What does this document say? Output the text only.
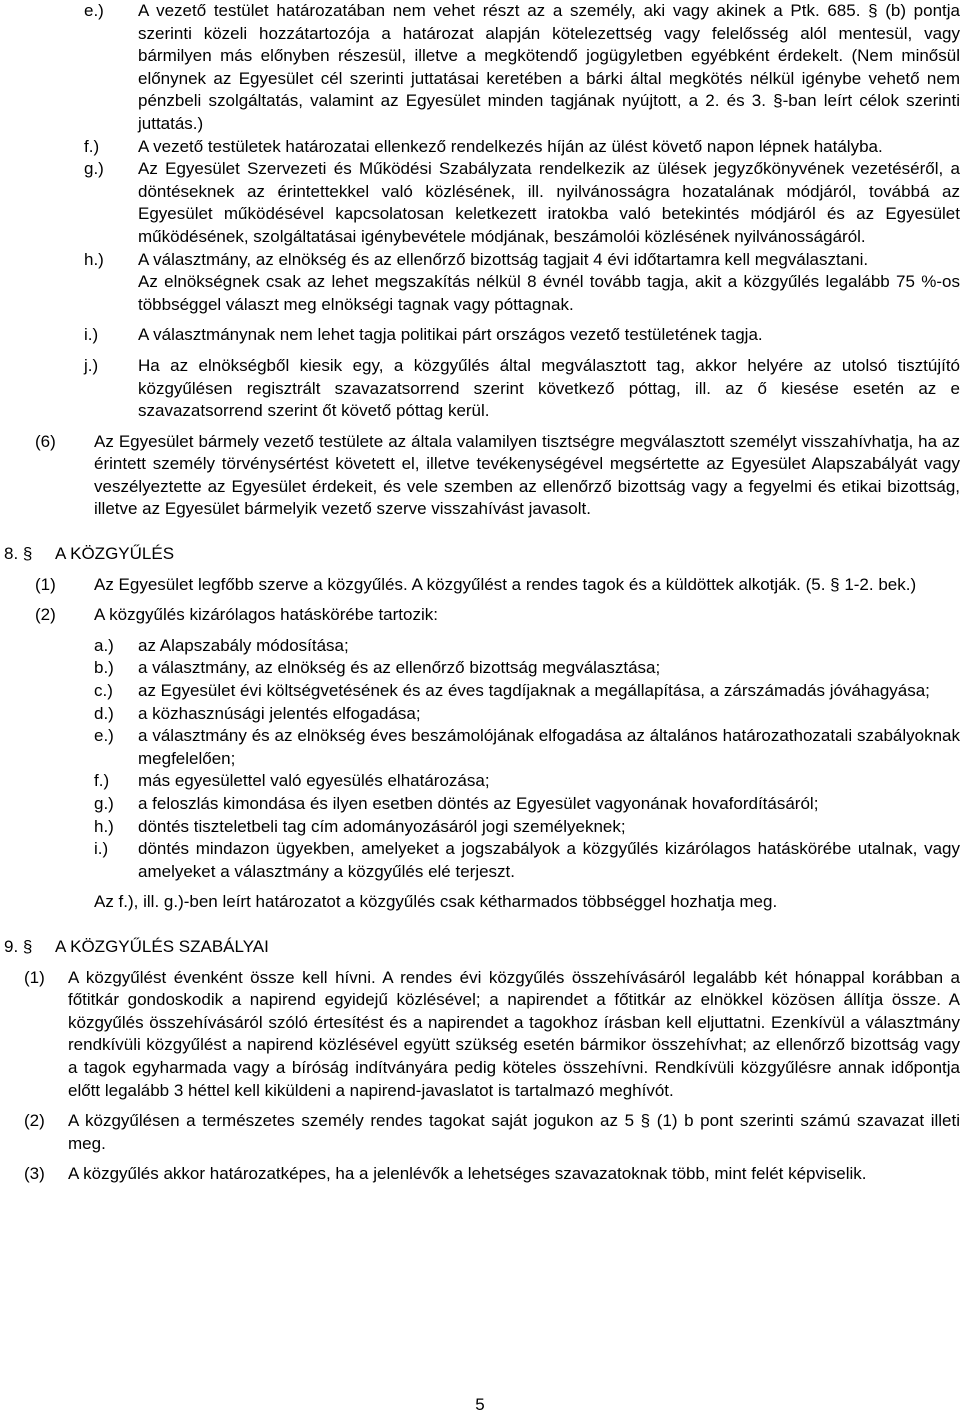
e.) A vezető testület határozatában nem vehet részt az a személy, aki vagy akinek a Ptk. 685. § (b) pontja szerinti közeli hozzátartozója a határozat alapján kötelezettség vagy felelősség alól mentesül, vagy bármilyen más előnyben részesül, illetve a megkötendő jogügyletben egyébként érdekelt. (Nem minősül előnynek az Egyesület cél szerinti juttatásai keretében a bárki által megkötés nélkül igénybe vehető nem pénzbeli szolgáltatás, valamint az Egyesület minden tagjának nyújtott, a 2. és 3. §-ban leírt célok szerinti juttatás.)
f.) A vezető testületek határozatai ellenkező rendelkezés híján az ülést követő napon lépnek hatályba.
g.) Az Egyesület Szervezeti és Működési Szabályzata rendelkezik az ülések jegyzőkönyvének vezetéséről, a döntéseknek az érintettekkel való közlésének, ill. nyilvánosságra hozatalának módjáról, továbbá az Egyesület működésével kapcsolatosan keletkezett iratokba való betekintés módjáról és az Egyesület működésének, szolgáltatásai igénybevétele módjának, beszámolói közlésének nyilvánosságáról.
h.) A választmány, az elnökség és az ellenőrző bizottság tagjait 4 évi időtartamra kell megválasztani.
Az elnökségnek csak az lehet megszakítás nélkül 8 évnél tovább tagja, akit a közgyűlés legalább 75 %-os többséggel választ meg elnökségi tagnak vagy póttagnak.
i.) A választmánynak nem lehet tagja politikai párt országos vezető testületének tagja.
j.) Ha az elnökségből kiesik egy, a közgyűlés által megválasztott tag, akkor helyére az utolsó tisztújító közgyűlésen regisztrált szavazatsorrend szerint következő póttag, ill. az ő kiesése esetén az e szavazatsorrend szerint őt követő póttag kerül.
(6) Az Egyesület bármely vezető testülete az általa valamilyen tisztségre megválasztott személyt visszahívhatja, ha az érintett személy törvénysértést követett el, illetve tevékenységével megsértette az Egyesület Alapszabályát vagy veszélyeztette az Egyesület érdekeit, és vele szemben az ellenőrző bizottság vagy a fegyelmi és etikai bizottság, illetve az Egyesület bármelyik vezető szerve visszahívást javasolt.
8. § A KÖZGYŰLÉS
(1) Az Egyesület legfőbb szerve a közgyűlés. A közgyűlést a rendes tagok és a küldöttek alkotják. (5. § 1-2. bek.)
(2) A közgyűlés kizárólagos hatáskörébe tartozik:
a.) az Alapszabály módosítása;
b.) a választmány, az elnökség és az ellenőrző bizottság megválasztása;
c.) az Egyesület évi költségvetésének és az éves tagdíjaknak a megállapítása, a zárszámadás jóváhagyása;
d.) a közhasznúsági jelentés elfogadása;
e.) a választmány és az elnökség éves beszámolójának elfogadása az általános határozathozatali szabályoknak megfelelően;
f.) más egyesülettel való egyesülés elhatározása;
g.) a feloszlás kimondása és ilyen esetben döntés az Egyesület vagyonának hovafordításáról;
h.) döntés tiszteletbeli tag cím adományozásáról jogi személyeknek;
i.) döntés mindazon ügyekben, amelyeket a jogszabályok a közgyűlés kizárólagos hatáskörébe utalnak, vagy amelyeket a választmány a közgyűlés elé terjeszt.
Az f.), ill. g.)-ben leírt határozatot a közgyűlés csak kétharmados többséggel hozhatja meg.
9. § A KÖZGYŰLÉS SZABÁLYAI
(1) A közgyűlést évenként össze kell hívni. A rendes évi közgyűlés összehívásáról legalább két hónappal korábban a főtitkár gondoskodik a napirend egyidejű közlésével; a napirendet a főtitkár az elnökkel közösen állítja össze. A közgyűlés összehívásáról szóló értesítést és a napirendet a tagokhoz írásban kell eljuttatni. Ezenkívül a választmány rendkívüli közgyűlést a napirend közlésével együtt szükség esetén bármikor összehívhat; az ellenőrző bizottság vagy a tagok egyharmada vagy a bíróság indítványára pedig köteles összehívni. Rendkívüli közgyűlésre annak időpontja előtt legalább 3 héttel kell kiküldeni a napirend-javaslatot is tartalmazó meghívót.
(2) A közgyűlésen a természetes személy rendes tagokat saját jogukon az 5 § (1) b pont szerinti számú szavazat illeti meg.
(3) A közgyűlés akkor határozatképes, ha a jelenlévők a lehetséges szavazatoknak több, mint felét képviselik.
5
